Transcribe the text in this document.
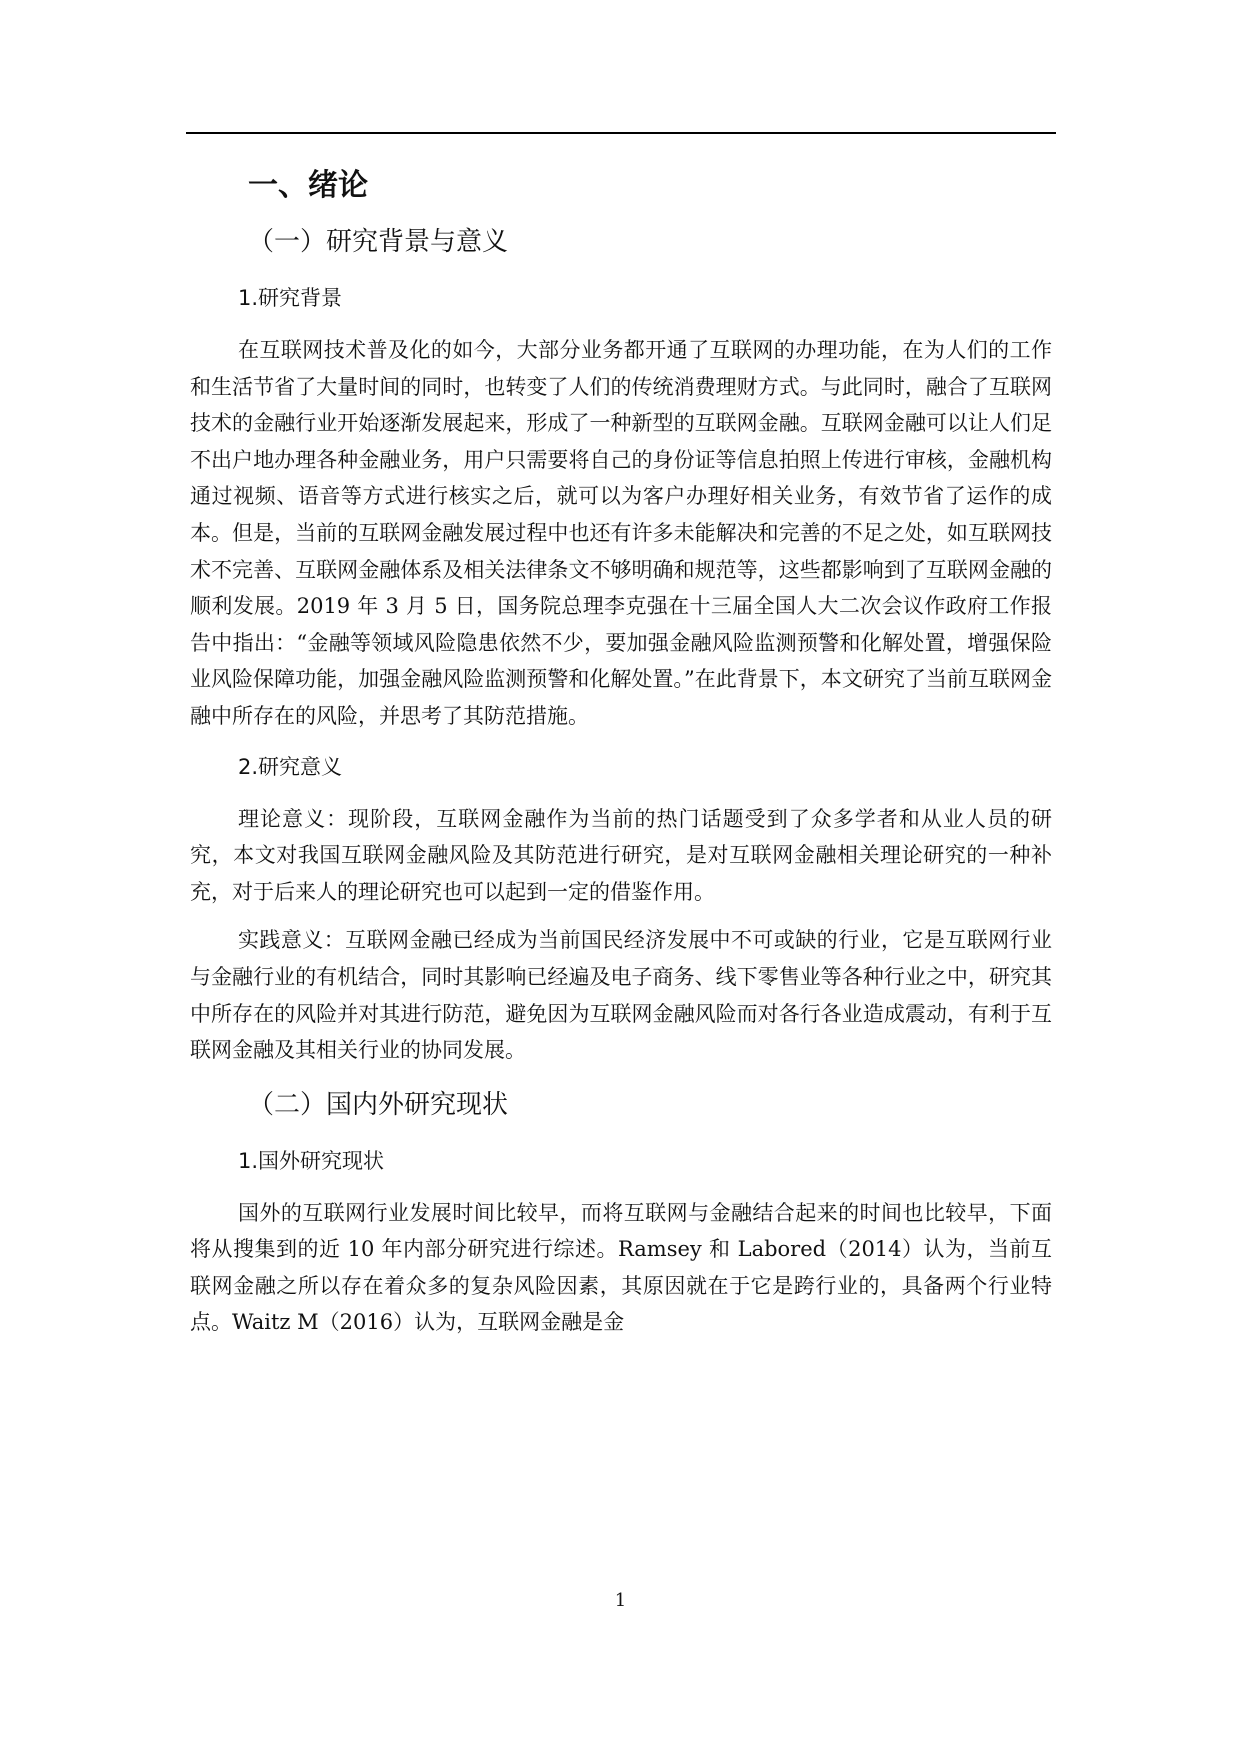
一、绪论
（一）研究背景与意义
1.研究背景

在互联网技术普及化的如今，大部分业务都开通了互联网的办理功能，在为人们的工作和生活节省了大量时间的同时，也转变了人们的传统消费理财方式。与此同时，融合了互联网技术的金融行业开始逐渐发展起来，形成了一种新型的互联网金融。互联网金融可以让人们足不出户地办理各种金融业务，用户只需要将自己的身份证等信息拍照上传进行审核，金融机构通过视频、语音等方式进行核实之后，就可以为客户办理好相关业务，有效节省了运作的成本。但是，当前的互联网金融发展过程中也还有许多未能解决和完善的不足之处，如互联网技术不完善、互联网金融体系及相关法律条文不够明确和规范等，这些都影响到了互联网金融的顺利发展。2019 年 3 月 5 日，国务院总理李克强在十三届全国人大二次会议作政府工作报告中指出：“金融等领域风险隐患依然不少，要加强金融风险监测预警和化解处置，增强保险业风险保障功能，加强金融风险监测预警和化解处置。”在此背景下，本文研究了当前互联网金融中所存在的风险，并思考了其防范措施。

2.研究意义

理论意义：现阶段，互联网金融作为当前的热门话题受到了众多学者和从业人员的研究，本文对我国互联网金融风险及其防范进行研究，是对互联网金融相关理论研究的一种补充，对于后来人的理论研究也可以起到一定的借鉴作用。

实践意义：互联网金融已经成为当前国民经济发展中不可或缺的行业，它是互联网行业与金融行业的有机结合，同时其影响已经遍及电子商务、线下零售业等各种行业之中，研究其中所存在的风险并对其进行防范，避免因为互联网金融风险而对各行各业造成震动，有利于互联网金融及其相关行业的协同发展。

（二）国内外研究现状
1.国外研究现状

国外的互联网行业发展时间比较早，而将互联网与金融结合起来的时间也比较早，下面将从搜集到的近 10 年内部分研究进行综述。Ramsey 和 Labored（2014）认为，当前互联网金融之所以存在着众多的复杂风险因素，其原因就在于它是跨行业的，具备两个行业特点。Waitz M（2016）认为，互联网金融是金

1
